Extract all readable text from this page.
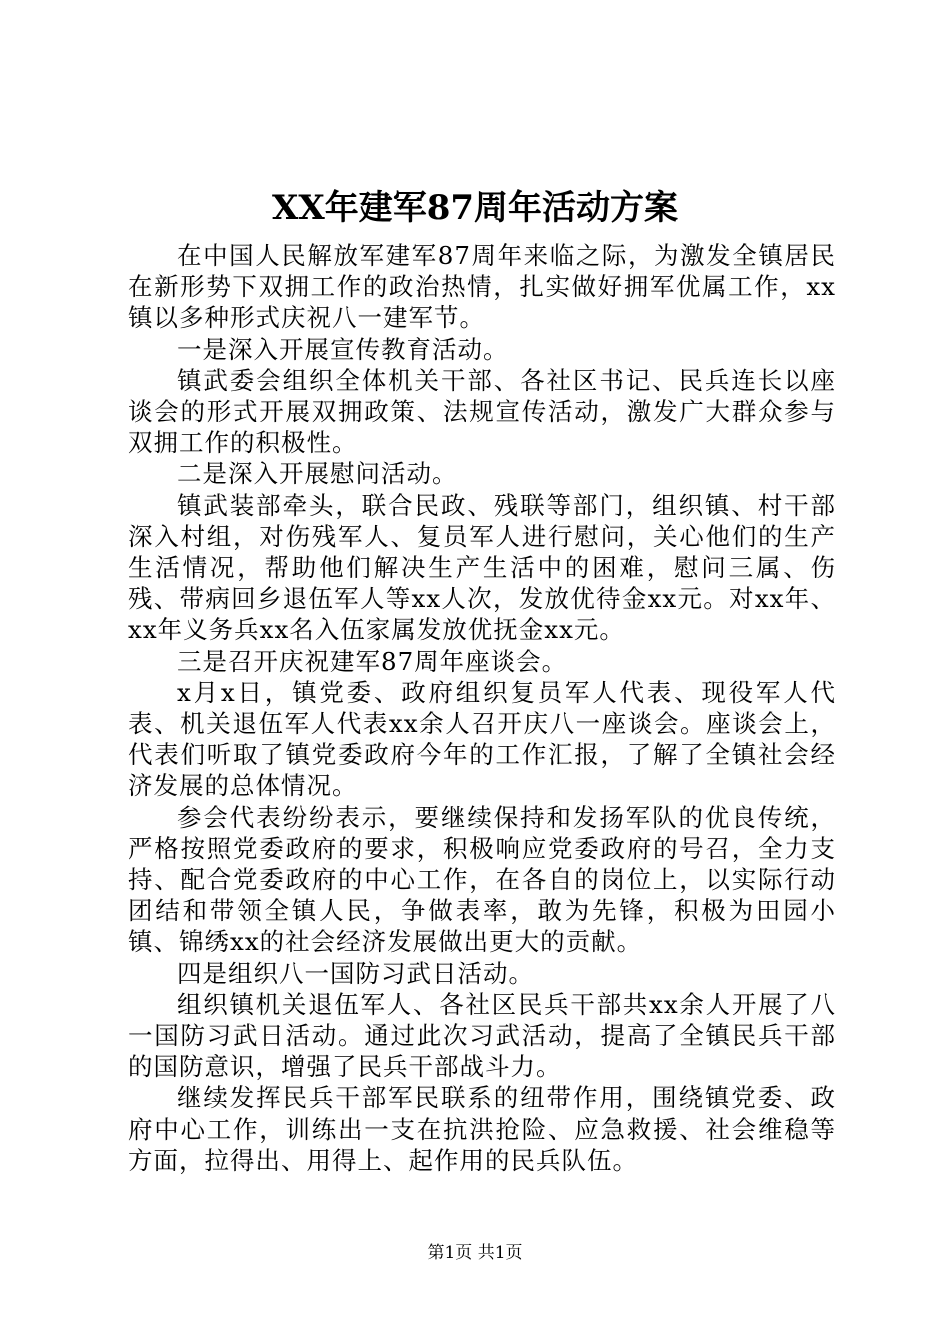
XX年建军87周年活动方案

在中国人民解放军建军87周年来临之际，为激发全镇居民在新形势下双拥工作的政治热情，扎实做好拥军优属工作，xx镇以多种形式庆祝八一建军节。

一是深入开展宣传教育活动。

镇武委会组织全体机关干部、各社区书记、民兵连长以座谈会的形式开展双拥政策、法规宣传活动，激发广大群众参与双拥工作的积极性。

二是深入开展慰问活动。

镇武装部牵头，联合民政、残联等部门，组织镇、村干部深入村组，对伤残军人、复员军人进行慰问，关心他们的生产生活情况，帮助他们解决生产生活中的困难，慰问三属、伤残、带病回乡退伍军人等xx人次，发放优待金xx元。对xx年、xx年义务兵xx名入伍家属发放优抚金xx元。

三是召开庆祝建军87周年座谈会。

x月x日，镇党委、政府组织复员军人代表、现役军人代表、机关退伍军人代表xx余人召开庆八一座谈会。座谈会上，代表们听取了镇党委政府今年的工作汇报，了解了全镇社会经济发展的总体情况。

参会代表纷纷表示，要继续保持和发扬军队的优良传统，严格按照党委政府的要求，积极响应党委政府的号召，全力支持、配合党委政府的中心工作，在各自的岗位上，以实际行动团结和带领全镇人民，争做表率，敢为先锋，积极为田园小镇、锦绣xx的社会经济发展做出更大的贡献。

四是组织八一国防习武日活动。

组织镇机关退伍军人、各社区民兵干部共xx余人开展了八一国防习武日活动。通过此次习武活动，提高了全镇民兵干部的国防意识，增强了民兵干部战斗力。

继续发挥民兵干部军民联系的纽带作用，围绕镇党委、政府中心工作，训练出一支在抗洪抢险、应急救援、社会维稳等方面，拉得出、用得上、起作用的民兵队伍。

第1页 共1页
